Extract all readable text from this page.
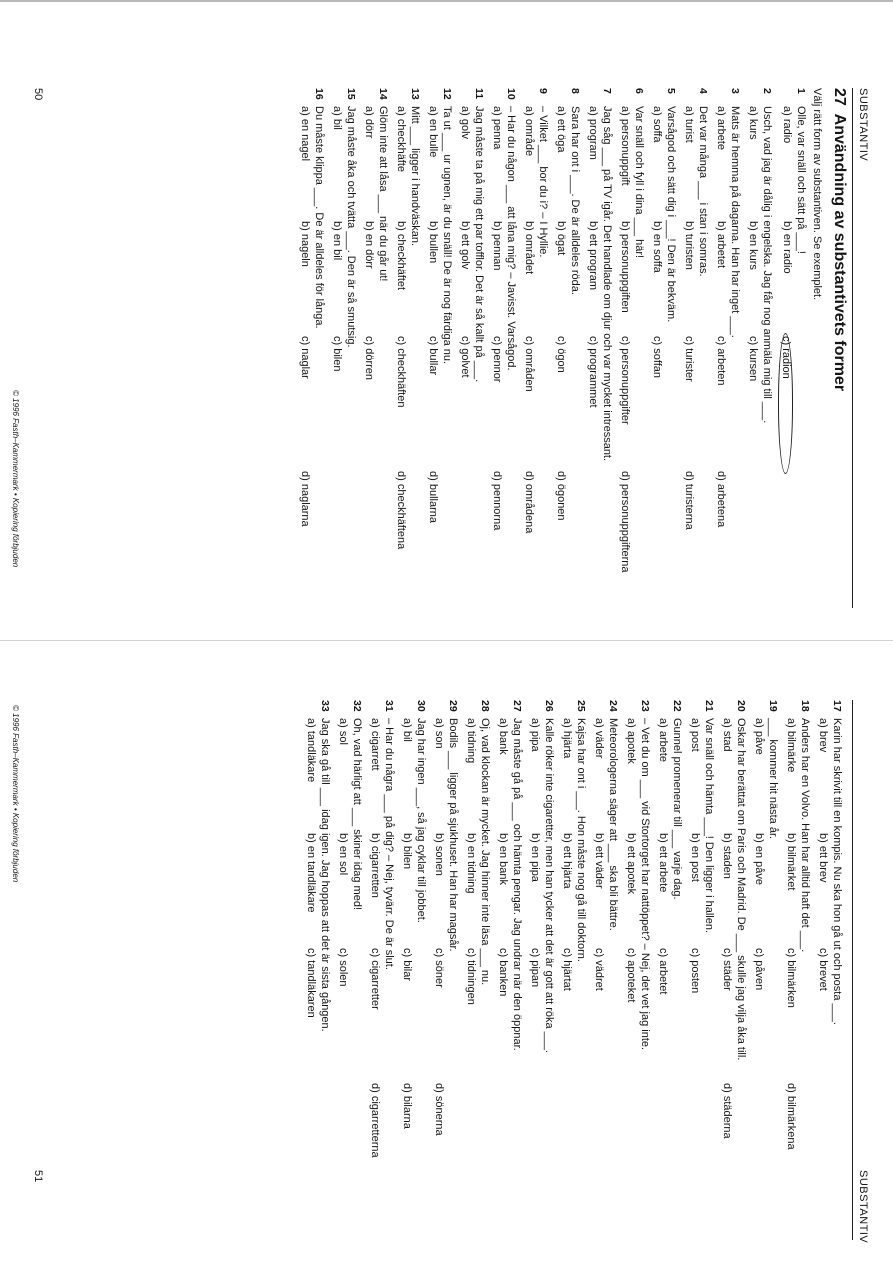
SUBSTANTIV
27 Användning av substantivets former
Välj rätt form av substantiven. Se exemplet.
1
Olle, var snäll och sätt på ___!
a) radio
b) en radio
c) radion
2
Usch, vad jag är dålig i engelska. Jag får nog anmäla mig till ___.
a) kurs
b) en kurs
c) kursen
3
Mats är hemma på dagarna. Han har inget ___.
a) arbete
b) arbetet
c) arbeten
d) arbetena
4
Det var många ___ i stan i somras.
a) turist
b) turisten
c) turister
d) turisterna
5
Varsågod och sätt dig i ___! Den är bekväm.
a) soffa
b) en soffa
c) soffan
6
Var snäll och fyll i dina ___ här!
a) personuppgift
b) personuppgiften
c) personuppgifter
d) personuppgifterna
7
Jag såg ___ på TV igår. Det handlade om djur och var mycket intressant.
a) program
b) ett program
c) programmet
8
Sara har ont i ___. De är alldeles röda.
a) ett öga
b) ögat
c) ögon
d) ögonen
9
– Vilket ___ bor du i? – I Hyllie.
a) område
b) området
c) områden
d) områdena
10
– Har du någon ___ att låna mig? – Javisst. Varsågod.
a) penna
b) pennan
c) pennor
d) pennorna
11
Jag måste ta på mig ett par tofflor. Det är så kallt på ___.
a) golv
b) ett golv
c) golvet
12
Ta ut ___ ur ugnen, är du snäll! De är nog färdiga nu.
a) en bulle
b) bullen
c) bullar
d) bullarna
13
Mitt ___ ligger i handväskan.
a) checkhäfte
b) checkhäftet
c) checkhäften
d) checkhäftena
14
Glöm inte att låsa ___ när du går ut!
a) dörr
b) en dörr
c) dörren
15
Jag måste åka och tvätta ___. Den är så smutsig.
a) bil
b) en bil
c) bilen
16
Du måste klippa ___. De är alldeles för långa.
a) en nagel
b) nageln
c) naglar
d) naglarna
SUBSTANTIV
17
Karin har skrivit till en kompis. Nu ska hon gå ut och posta ___.
a) brev
b) ett brev
c) brevet
18
Anders har en Volvo. Han har alltid haft det ___.
a) bilmärke
b) bilmärket
c) bilmärken
d) bilmärkena
19
___ kommer hit nästa år.
a) påve
b) en påve
c) påven
20
Oskar har berättat om Paris och Madrid. De ___ skulle jag vilja åka till.
a) stad
b) staden
c) städer
d) städerna
21
Var snäll och hämta ___! Den ligger i hallen.
a) post
b) en post
c) posten
22
Gunnel promenerar till ___ varje dag.
a) arbete
b) ett arbete
c) arbetet
23
– Vet du om ___ vid Stortorget har nattöppet? – Nej, det vet jag inte.
a) apotek
b) ett apotek
c) apoteket
24
Meteorologerna säger att ___ ska bli bättre.
a) väder
b) ett väder
c) vädret
25
Kajsa har ont i ___. Hon måste nog gå till doktorn.
a) hjärta
b) ett hjärta
c) hjärtat
26
Kalle röker inte cigaretter, men han tycker att det är gott att röka ___.
a) pipa
b) en pipa
c) pipan
27
Jag måste gå på ___ och hämta pengar. Jag undrar när den öppnar.
a) bank
b) en bank
c) banken
28
Oj, vad klockan är mycket. Jag hinner inte läsa ___ nu.
a) tidning
b) en tidning
c) tidningen
29
Bodils ___ ligger på sjukhuset. Han har magsår.
a) son
b) sonen
c) söner
d) sönerna
30
Jag har ingen ___, så jag cyklar till jobbet.
a) bil
b) bilen
c) bilar
d) bilarna
31
– Har du några ___ på dig? – Nej, tyvärr. De är slut.
a) cigarrett
b) cigarretten
c) cigarretter
d) cigarretterna
32
Oh, vad härligt att ___ skiner idag med!
a) sol
b) en sol
c) solen
33
Jag ska gå till ___ idag igen. Jag hoppas att det är sista gången.
a) tandläkare
b) en tandläkare
c) tandläkaren
50
© 1996 Fasth–Kammermark • Kopiering förbjuden
51
© 1996 Fasth–Kammermark • Kopiering förbjuden
